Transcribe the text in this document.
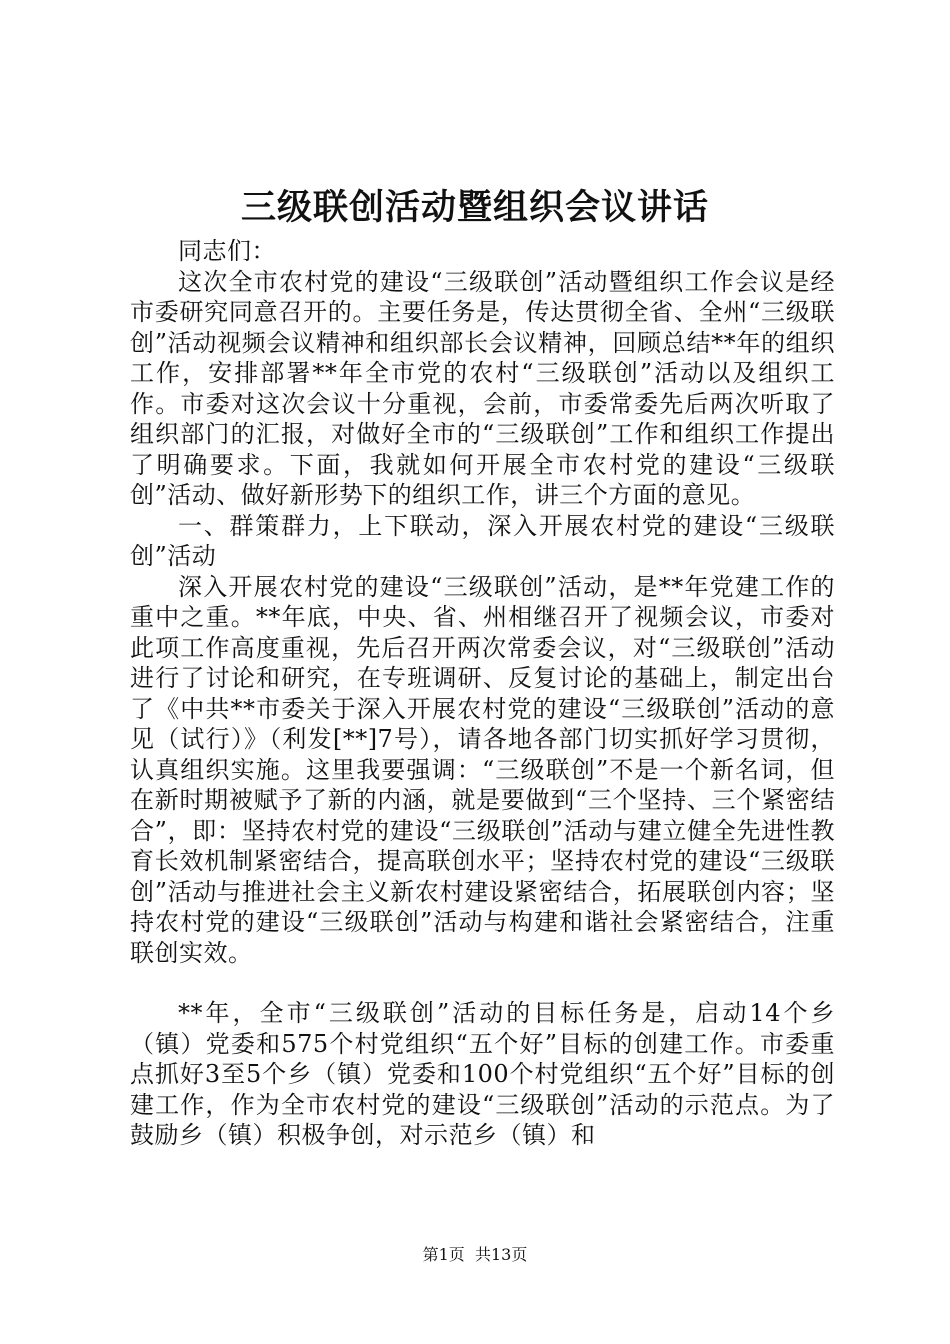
三级联创活动暨组织会议讲话

同志们：

这次全市农村党的建设“三级联创”活动暨组织工作会议是经市委研究同意召开的。主要任务是，传达贯彻全省、全州“三级联创”活动视频会议精神和组织部长会议精神，回顾总结**年的组织工作，安排部署**年全市党的农村“三级联创”活动以及组织工作。市委对这次会议十分重视，会前，市委常委先后两次听取了组织部门的汇报，对做好全市的“三级联创”工作和组织工作提出了明确要求。下面，我就如何开展全市农村党的建设“三级联创”活动、做好新形势下的组织工作，讲三个方面的意见。

一、群策群力，上下联动，深入开展农村党的建设“三级联创”活动

深入开展农村党的建设“三级联创”活动，是**年党建工作的重中之重。**年底，中央、省、州相继召开了视频会议，市委对此项工作高度重视，先后召开两次常委会议，对“三级联创”活动进行了讨论和研究，在专班调研、反复讨论的基础上，制定出台了《中共**市委关于深入开展农村党的建设“三级联创”活动的意见（试行）》（利发[**]7号），请各地各部门切实抓好学习贯彻，认真组织实施。这里我要强调：“三级联创”不是一个新名词，但在新时期被赋予了新的内涵，就是要做到“三个坚持、三个紧密结合”，即：坚持农村党的建设“三级联创”活动与建立健全先进性教育长效机制紧密结合，提高联创水平；坚持农村党的建设“三级联创”活动与推进社会主义新农村建设紧密结合，拓展联创内容；坚持农村党的建设“三级联创”活动与构建和谐社会紧密结合，注重联创实效。

**年，全市“三级联创”活动的目标任务是，启动14个乡（镇）党委和575个村党组织“五个好”目标的创建工作。市委重点抓好3至5个乡（镇）党委和100个村党组织“五个好”目标的创建工作，作为全市农村党的建设“三级联创”活动的示范点。为了鼓励乡（镇）积极争创，对示范乡（镇）和

第1页 共13页
